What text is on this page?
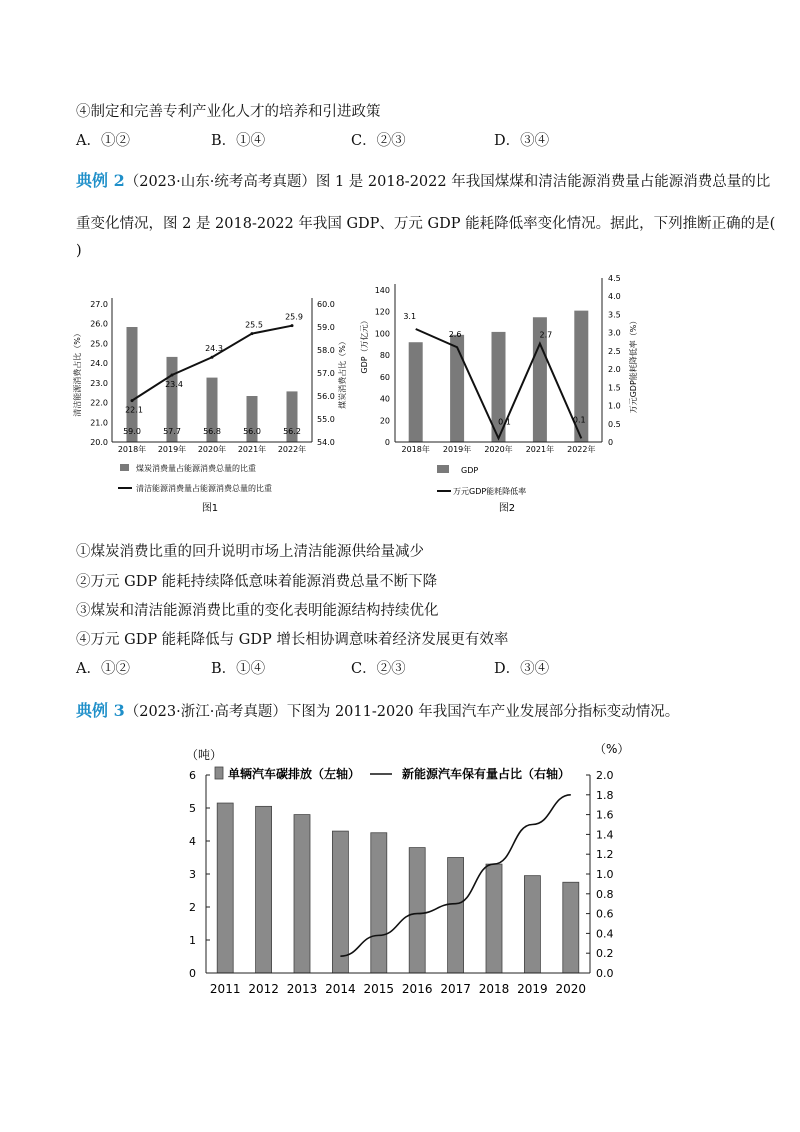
④制定和完善专利产业化人才的培养和引进政策
A．①②	B．①④	C．②③	D．③④
典例 2（2023·山东·统考高考真题）图 1 是 2018-2022 年我国煤煤和清洁能源消费量占能源消费总量的比
重变化情况，图 2 是 2018-2022 年我国 GDP、万元 GDP 能耗降低率变化情况。据此，下列推断正确的是(
)
20.0
21.0
22.0
23.0
24.0
25.0
26.0
27.0
54.0
55.0
56.0
57.0
58.0
59.0
60.0
清洁能源消费占比（%）	煤炭消费占比（%）
59.0	57.7	56.8	56.0	56.2
22.1
23.4
24.3
25.5
25.9
2018年 2019年 2020年 2021年 2022年
煤炭消费量占能源消费总量的比重
清洁能源消费量占能源消费总量的比重
图1
0
20
40
60
80
100
120
140
0
0.5
1.0
1.5
2.0
2.5
3.0
3.5
4.0
4.5
GDP（万亿元）	万元GDP能耗降低率（%）
3.1
2.6
0.1
2.7
0.1
2018年 2019年 2020年 2021年 2022年
GDP
万元GDP能耗降低率
图2
①煤炭消费比重的回升说明市场上清洁能源供给量减少
②万元 GDP 能耗持续降低意味着能源消费总量不断下降
③煤炭和清洁能源消费比重的变化表明能源结构持续优化
④万元 GDP 能耗降低与 GDP 增长相协调意味着经济发展更有效率
A．①②	B．①④	C．②③	D．③④
典例 3（2023·浙江·高考真题）下图为 2011-2020 年我国汽车产业发展部分指标变动情况。
0
1
2
3
4
5
6
0.0
0.2
0.4
0.6
0.8
1.0
1.2
1.4
1.6
1.8
2.0
（吨）	（%）
2011 2012 2013 2014 2015 2016 2017 2018 2019 2020
单辆汽车碳排放（左轴）	新能源汽车保有量占比（右轴）
